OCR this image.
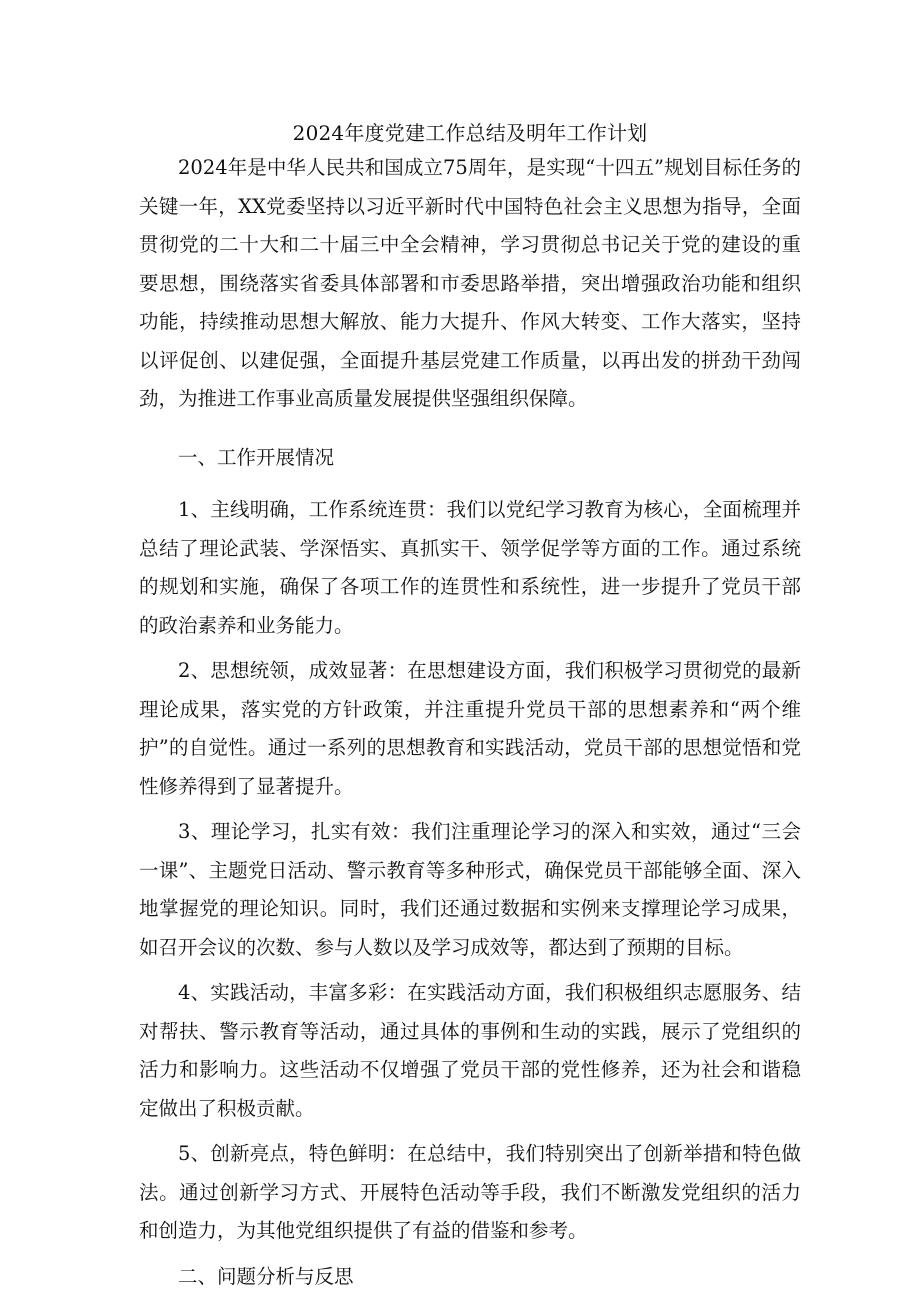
2024年度党建工作总结及明年工作计划

2024年是中华人民共和国成立75周年，是实现“十四五”规划目标任务的关键一年，XX党委坚持以习近平新时代中国特色社会主义思想为指导，全面贯彻党的二十大和二十届三中全会精神，学习贯彻总书记关于党的建设的重要思想，围绕落实省委具体部署和市委思路举措，突出增强政治功能和组织功能，持续推动思想大解放、能力大提升、作风大转变、工作大落实，坚持以评促创、以建促强，全面提升基层党建工作质量，以再出发的拼劲干劲闯劲，为推进工作事业高质量发展提供坚强组织保障。

一、工作开展情况

1、主线明确，工作系统连贯：我们以党纪学习教育为核心，全面梳理并总结了理论武装、学深悟实、真抓实干、领学促学等方面的工作。通过系统的规划和实施，确保了各项工作的连贯性和系统性，进一步提升了党员干部的政治素养和业务能力。

2、思想统领，成效显著：在思想建设方面，我们积极学习贯彻党的最新理论成果，落实党的方针政策，并注重提升党员干部的思想素养和“两个维护”的自觉性。通过一系列的思想教育和实践活动，党员干部的思想觉悟和党性修养得到了显著提升。

3、理论学习，扎实有效：我们注重理论学习的深入和实效，通过“三会一课”、主题党日活动、警示教育等多种形式，确保党员干部能够全面、深入地掌握党的理论知识。同时，我们还通过数据和实例来支撑理论学习成果，如召开会议的次数、参与人数以及学习成效等，都达到了预期的目标。

4、实践活动，丰富多彩：在实践活动方面，我们积极组织志愿服务、结对帮扶、警示教育等活动，通过具体的事例和生动的实践，展示了党组织的活力和影响力。这些活动不仅增强了党员干部的党性修养，还为社会和谐稳定做出了积极贡献。

5、创新亮点，特色鲜明：在总结中，我们特别突出了创新举措和特色做法。通过创新学习方式、开展特色活动等手段，我们不断激发党组织的活力和创造力，为其他党组织提供了有益的借鉴和参考。

二、问题分析与反思
